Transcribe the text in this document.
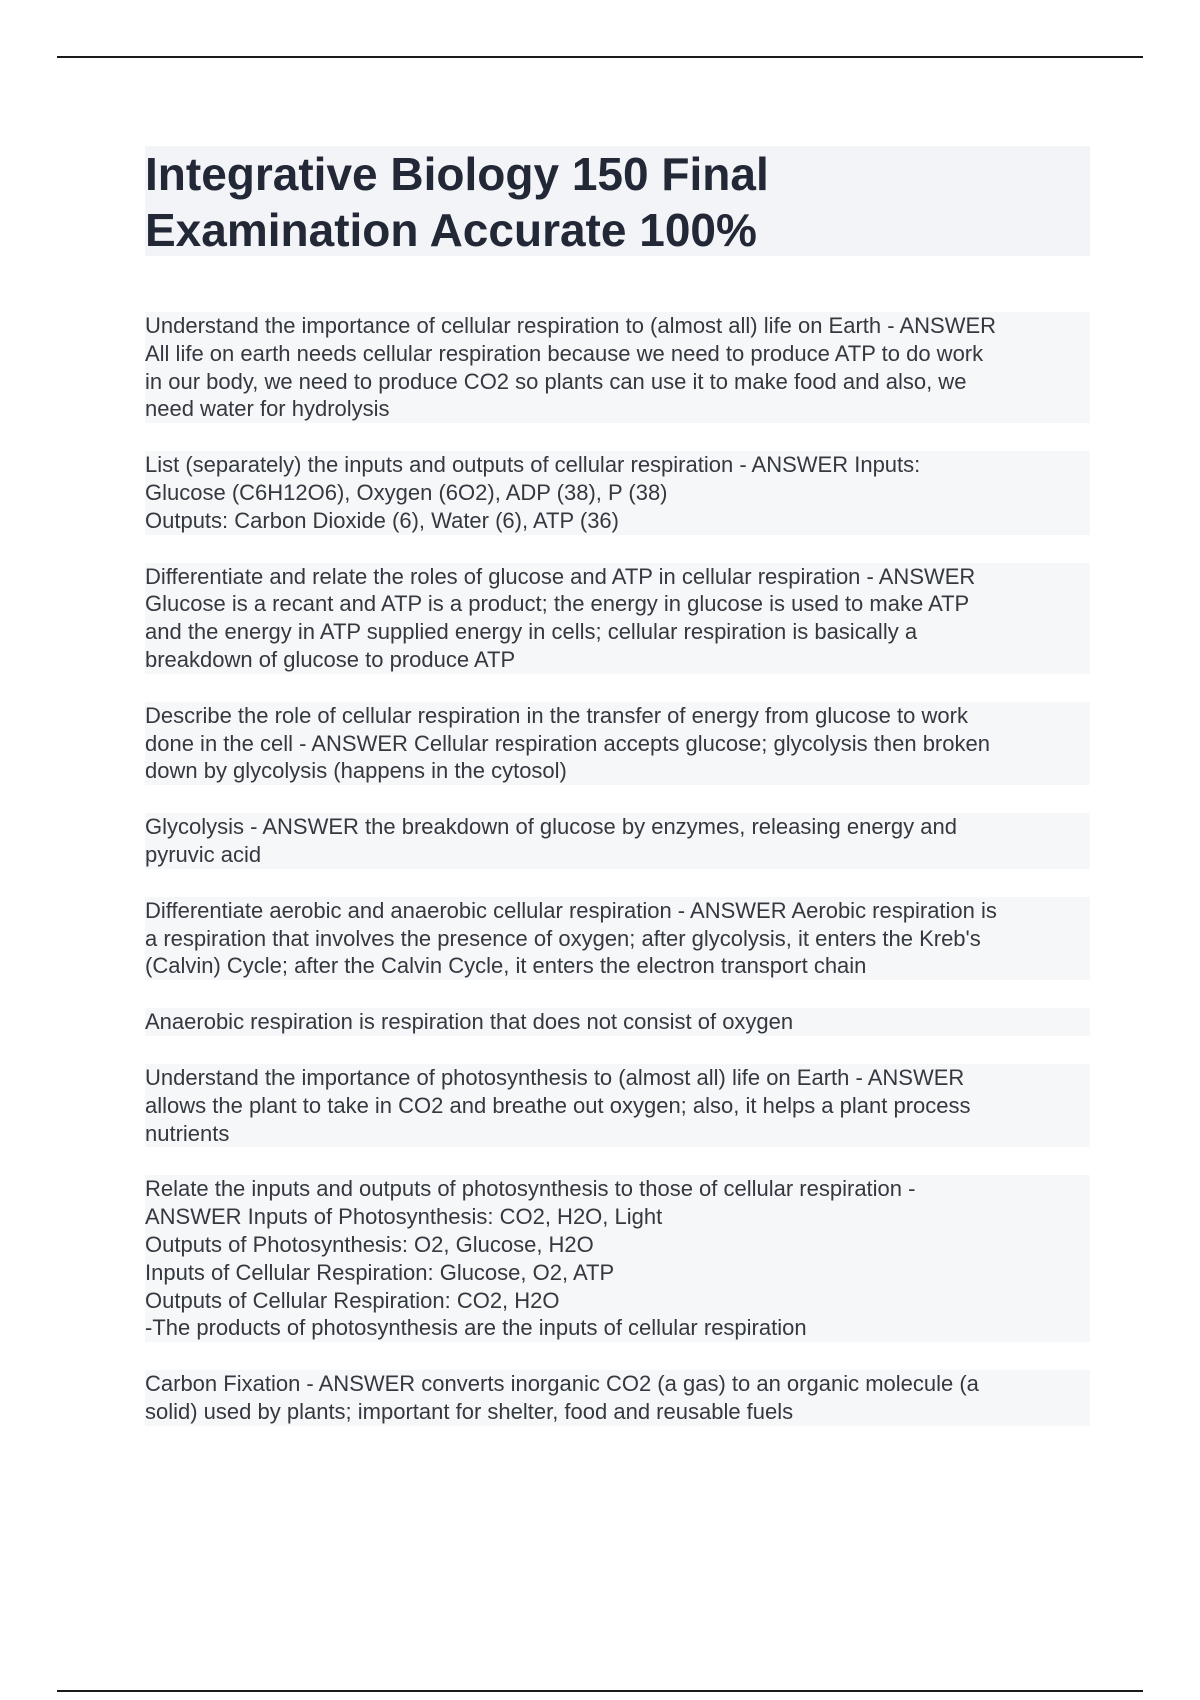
Integrative Biology 150 Final
Examination Accurate 100%

Understand the importance of cellular respiration to (almost all) life on Earth - ANSWER
All life on earth needs cellular respiration because we need to produce ATP to do work
in our body, we need to produce CO2 so plants can use it to make food and also, we
need water for hydrolysis

List (separately) the inputs and outputs of cellular respiration - ANSWER Inputs:
Glucose (C6H12O6), Oxygen (6O2), ADP (38), P (38)
Outputs: Carbon Dioxide (6), Water (6), ATP (36)

Differentiate and relate the roles of glucose and ATP in cellular respiration - ANSWER
Glucose is a recant and ATP is a product; the energy in glucose is used to make ATP
and the energy in ATP supplied energy in cells; cellular respiration is basically a
breakdown of glucose to produce ATP

Describe the role of cellular respiration in the transfer of energy from glucose to work
done in the cell - ANSWER Cellular respiration accepts glucose; glycolysis then broken
down by glycolysis (happens in the cytosol)

Glycolysis - ANSWER the breakdown of glucose by enzymes, releasing energy and
pyruvic acid

Differentiate aerobic and anaerobic cellular respiration - ANSWER Aerobic respiration is
a respiration that involves the presence of oxygen; after glycolysis, it enters the Kreb's
(Calvin) Cycle; after the Calvin Cycle, it enters the electron transport chain

Anaerobic respiration is respiration that does not consist of oxygen

Understand the importance of photosynthesis to (almost all) life on Earth - ANSWER
allows the plant to take in CO2 and breathe out oxygen; also, it helps a plant process
nutrients

Relate the inputs and outputs of photosynthesis to those of cellular respiration -
ANSWER Inputs of Photosynthesis: CO2, H2O, Light
Outputs of Photosynthesis: O2, Glucose, H2O
Inputs of Cellular Respiration: Glucose, O2, ATP
Outputs of Cellular Respiration: CO2, H2O
-The products of photosynthesis are the inputs of cellular respiration

Carbon Fixation - ANSWER converts inorganic CO2 (a gas) to an organic molecule (a
solid) used by plants; important for shelter, food and reusable fuels
